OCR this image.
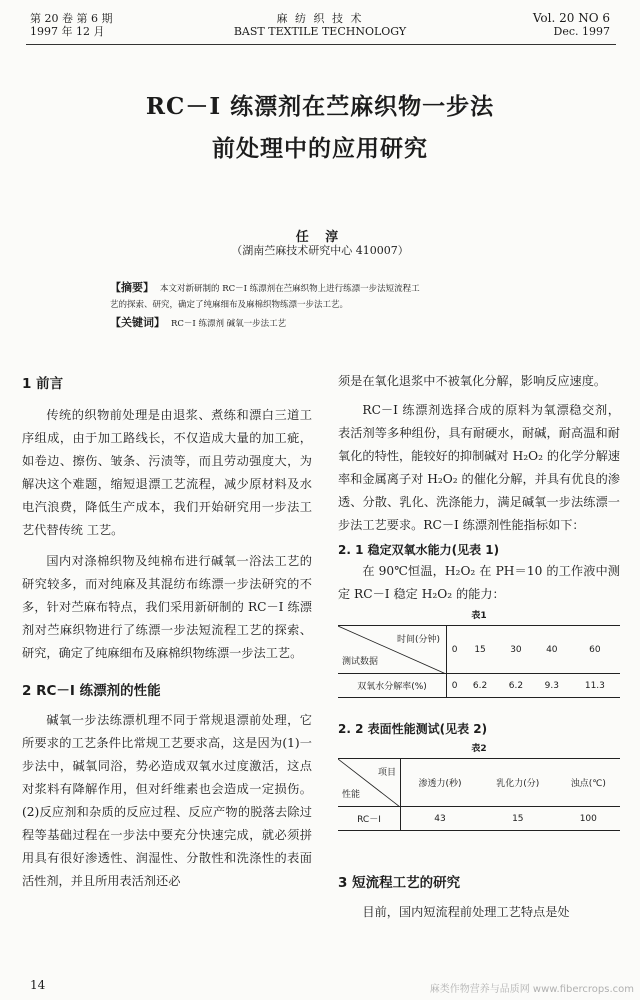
第 20 卷 第 6 期
1997 年 12 月
麻 纺 织 技 术
BAST TEXTILE TECHNOLOGY
Vol. 20 NO 6
Dec. 1997
RC－I 练漂剂在苎麻织物一步法
前处理中的应用研究
任 淳
（湖南苎麻技术研究中心 410007）
【摘要】 本文对新研制的 RC－I 练漂剂在苎麻织物上进行练漂一步法短流程工
艺的探索、研究，确定了纯麻细布及麻棉织物练漂一步法工艺。
【关键词】 RC－I 练漂剂 碱氧一步法工艺
1 前言
传统的织物前处理是由退浆、煮练和漂白三道工序组成，由于加工路线长，不仅造成大量的加工疵，如卷边、擦伤、皱条、污渍等，而且劳动强度大，为解决这个难题，缩短退漂工艺流程，减少原材料及水电汽浪费，降低生产成本，我们开始研究用一步法工艺代替传统 工艺。
国内对涤棉织物及纯棉布进行碱氧一浴法工艺的研究较多，而对纯麻及其混纺布练漂一步法研究的不多，针对苎麻布特点，我们采用新研制的 RC－I 练漂剂对苎麻织物进行了练漂一步法短流程工艺的探索、研究，确定了纯麻细布及麻棉织物练漂一步法工艺。
2 RC－I 练漂剂的性能
碱氧一步法练漂机理不同于常规退漂前处理，它所要求的工艺条件比常规工艺要求高，这是因为(1)一步法中，碱氧同浴，势必造成双氧水过度激活，这点对浆料有降解作用，但对纤维素也会造成一定损伤。(2)反应剂和杂质的反应过程、反应产物的脱落去除过程等基础过程在一步法中要充分快速完成，就必须拼用具有很好渗透性、润湿性、分散性和洗涤性的表面活性剂，并且所用表活剂还必
14
须是在氧化退浆中不被氧化分解，影响反应速度。
RC－I 练漂剂选择合成的原料为氧漂稳交剂，表活剂等多种组份，具有耐硬水，耐碱，耐高温和耐氧化的特性，能较好的抑制碱对 H₂O₂ 的化学分解速率和金属离子对 H₂O₂ 的催化分解，并具有优良的渗透、分散、乳化、洗涤能力，满足碱氧一步法练漂一步法工艺要求。RC－I 练漂剂性能指标如下：
2. 1 稳定双氧水能力(见表 1)
在 90℃恒温，H₂O₂ 在 PH＝10 的工作液中测定 RC－I 稳定 H₂O₂ 的能力：
表1
时间(分钟)
测试数据	0	15	30	40	60
双氧水分解率(%)	0	6.2	6.2	9.3	11.3
2. 2 表面性能测试(见表 2)
表2
项目
性能	渗透力(秒)	乳化力(分)	浊点(℃)
RC－I	43	15	100
3 短流程工艺的研究
目前，国内短流程前处理工艺特点是处
麻类作物营养与品质网 www.fibercrops.com
